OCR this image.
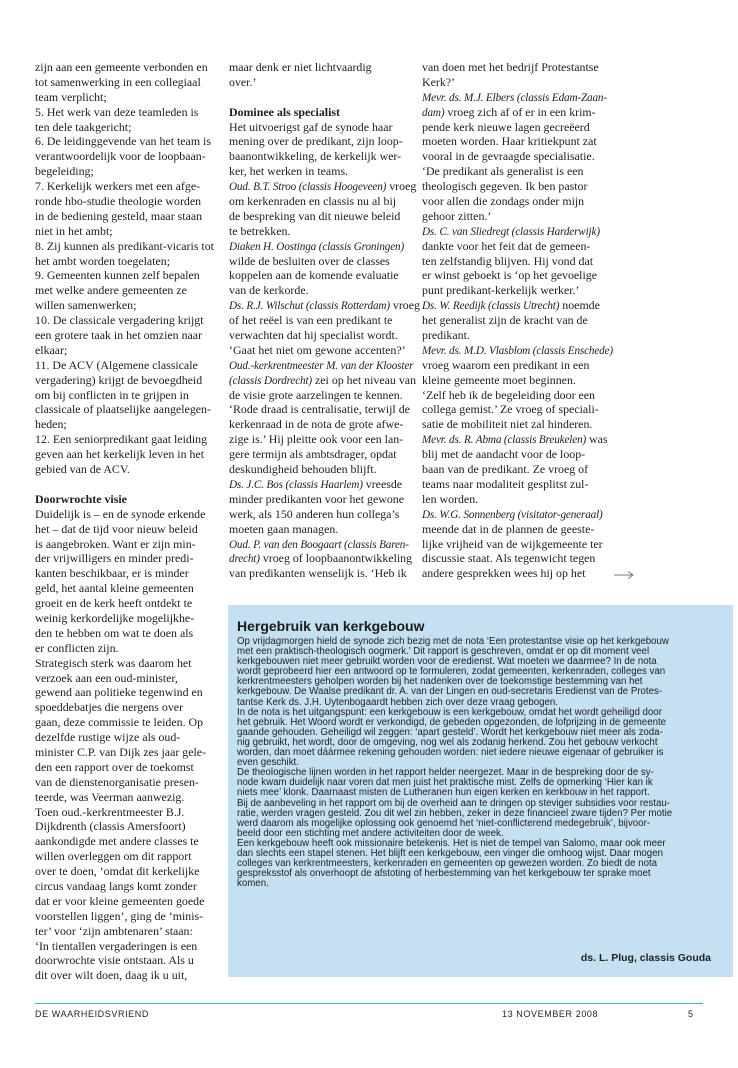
zijn aan een gemeente verbonden en
tot samenwerking in een collegiaal
team verplicht;
5. Het werk van deze teamleden is
ten dele taakgericht;
6. De leidinggevende van het team is
verantwoordelijk voor de loopbaan-
begeleiding;
7. Kerkelijk werkers met een afge-
ronde hbo-studie theologie worden
in de bediening gesteld, maar staan
niet in het ambt;
8. Zij kunnen als predikant-vicaris tot
het ambt worden toegelaten;
9. Gemeenten kunnen zelf bepalen
met welke andere gemeenten ze
willen samenwerken;
10. De classicale vergadering krijgt
een grotere taak in het omzien naar
elkaar;
11. De ACV (Algemene classicale
vergadering) krijgt de bevoegdheid
om bij conflicten in te grijpen in
classicale of plaatselijke aangelegen-
heden;
12. Een seniorpredikant gaat leiding
geven aan het kerkelijk leven in het
gebied van de ACV.
Doorwrochte visie
Duidelijk is – en de synode erkende
het – dat de tijd voor nieuw beleid
is aangebroken. Want er zijn min-
der vrijwilligers en minder predi-
kanten beschikbaar, er is minder
geld, het aantal kleine gemeenten
groeit en de kerk heeft ontdekt te
weinig kerkordelijke mogelijkhe-
den te hebben om wat te doen als
er conflicten zijn.
Strategisch sterk was daarom het
verzoek aan een oud-minister,
gewend aan politieke tegenwind en
spoeddebatjes die nergens over
gaan, deze commissie te leiden. Op
dezelfde rustige wijze als oud-
minister C.P. van Dijk zes jaar gele-
den een rapport over de toekomst
van de dienstenorganisatie presen-
teerde, was Veerman aanwezig.
Toen oud.-kerkrentmeester B.J.
Dijkdrenth (classis Amersfoort)
aankondigde met andere classes te
willen overleggen om dit rapport
over te doen, ‘omdat dit kerkelijke
circus vandaag langs komt zonder
dat er voor kleine gemeenten goede
voorstellen liggen’, ging de ‘minis-
ter’ voor ‘zijn ambtenaren’ staan:
‘In tientallen vergaderingen is een
doorwrochte visie ontstaan. Als u
dit over wilt doen, daag ik u uit,
maar denk er niet lichtvaardig
over.’
Dominee als specialist
Het uitvoerigst gaf de synode haar
mening over de predikant, zijn loop-
baanontwikkeling, de kerkelijk wer-
ker, het werken in teams.
Oud. B.T. Stroo (classis Hoogeveen) vroeg
om kerkenraden en classis nu al bij
de bespreking van dit nieuwe beleid
te betrekken.
Diaken H. Oostinga (classis Groningen)
wilde de besluiten over de classes
koppelen aan de komende evaluatie
van de kerkorde.
Ds. R.J. Wilschut (classis Rotterdam) vroeg
of het reëel is van een predikant te
verwachten dat hij specialist wordt.
‘Gaat het niet om gewone accenten?’
Oud.-kerkrentmeester M. van der Klooster
(classis Dordrecht) zei op het niveau van
de visie grote aarzelingen te kennen.
‘Rode draad is centralisatie, terwijl de
kerkenraad in de nota de grote afwe-
zige is.’ Hij pleitte ook voor een lan-
gere termijn als ambtsdrager, opdat
deskundigheid behouden blijft.
Ds. J.C. Bos (classis Haarlem) vreesde
minder predikanten voor het gewone
werk, als 150 anderen hun collega’s
moeten gaan managen.
Oud. P. van den Boogaart (classis Baren-
drecht) vroeg of loopbaanontwikkeling
van predikanten wenselijk is. ‘Heb ik
van doen met het bedrijf Protestantse
Kerk?’
Mevr. ds. M.J. Elbers (classis Edam-Zaan-
dam) vroeg zich af of er in een krim-
pende kerk nieuwe lagen gecreëerd
moeten worden. Haar kritiekpunt zat
vooral in de gevraagde specialisatie.
‘De predikant als generalist is een
theologisch gegeven. Ik ben pastor
voor allen die zondags onder mijn
gehoor zitten.’
Ds. C. van Sliedregt (classis Harderwijk)
dankte voor het feit dat de gemeen-
ten zelfstandig blijven. Hij vond dat
er winst geboekt is ‘op het gevoelige
punt predikant-kerkelijk werker.’
Ds. W. Reedijk (classis Utrecht) noemde
het generalist zijn de kracht van de
predikant.
Mevr. ds. M.D. Vlasblom (classis Enschede)
vroeg waarom een predikant in een
kleine gemeente moet beginnen.
‘Zelf heb ik de begeleiding door een
collega gemist.’ Ze vroeg of speciali-
satie de mobiliteit niet zal hinderen.
Mevr. ds. R. Abma (classis Breukelen) was
blij met de aandacht voor de loop-
baan van de predikant. Ze vroeg of
teams naar modaliteit gesplitst zul-
len worden.
Ds. W.G. Sonnenberg (visitator-generaal)
meende dat in de plannen de geeste-
lijke vrijheid van de wijkgemeente ter
discussie staat. Als tegenwicht tegen
andere gesprekken wees hij op het
Hergebruik van kerkgebouw
Op vrijdagmorgen hield de synode zich bezig met de nota ‘Een protestantse visie op het kerkgebouw
met een praktisch-theologisch oogmerk.’ Dit rapport is geschreven, omdat er op dit moment veel
kerkgebouwen niet meer gebruikt worden voor de eredienst. Wat moeten we daarmee? In de nota
wordt geprobeerd hier een antwoord op te formuleren, zodat gemeenten, kerkenraden, colleges van
kerkrentmeesters geholpen worden bij het nadenken over de toekomstige bestemming van het
kerkgebouw. De Waalse predikant dr. A. van der Lingen en oud-secretaris Eredienst van de Protes-
tantse Kerk ds. J.H. Uytenbogaardt hebben zich over deze vraag gebogen.
In de nota is het uitgangspunt: een kerkgebouw is een kerkgebouw, omdat het wordt geheiligd door
het gebruik. Het Woord wordt er verkondigd, de gebeden opgezonden, de lofprijzing in de gemeente
gaande gehouden. Geheiligd wil zeggen: ‘apart gesteld’. Wordt het kerkgebouw niet meer als zoda-
nig gebruikt, het wordt, door de omgeving, nog wel als zodanig herkend. Zou het gebouw verkocht
worden, dan moet dáármee rekening gehouden worden: niet iedere nieuwe eigenaar of gebruiker is
even geschikt.
De theologische lijnen worden in het rapport helder neergezet. Maar in de bespreking door de sy-
node kwam duidelijk naar voren dat men juist het praktische mist. Zelfs de opmerking ‘Hier kan ik
niets mee’ klonk. Daarnaast misten de Lutheranen hun eigen kerken en kerkbouw in het rapport.
Bij de aanbeveling in het rapport om bij de overheid aan te dringen op steviger subsidies voor restau-
ratie, werden vragen gesteld. Zou dit wel zin hebben, zeker in deze financieel zware tijden? Per motie
werd daarom als mogelijke oplossing ook genoemd het ‘niet-conflicterend medegebruik’, bijvoor-
beeld door een stichting met andere activiteiten door de week.
Een kerkgebouw heeft ook missionaire betekenis. Het is niet de tempel van Salomo, maar ook meer
dan slechts een stapel stenen. Het blijft een kerkgebouw, een vinger die omhoog wijst. Daar mogen
colleges van kerkrentmeesters, kerkenraden en gemeenten op gewezen worden. Zo biedt de nota
gespreksstof als onverhoopt de afstoting of herbestemming van het kerkgebouw ter sprake moet
komen.
ds. L. Plug, classis Gouda
DE WAARHEIDSVRIEND	13 NOVEMBER 2008	5
